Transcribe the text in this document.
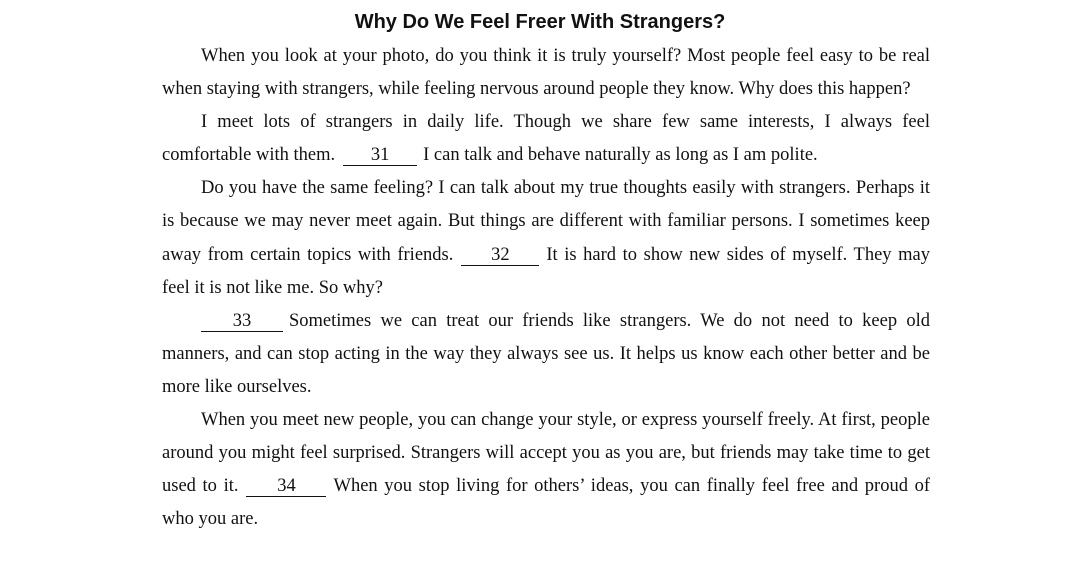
Why Do We Feel Freer With Strangers?

When you look at your photo, do you think it is truly yourself? Most people feel easy to be real when staying with strangers, while feeling nervous around people they know. Why does this happen?

I meet lots of strangers in daily life. Though we share few same interests, I always feel comfortable with them. 31 I can talk and behave naturally as long as I am polite.

Do you have the same feeling? I can talk about my true thoughts easily with strangers. Perhaps it is because we may never meet again. But things are different with familiar persons. I sometimes keep away from certain topics with friends. 32 It is hard to show new sides of myself. They may feel it is not like me. So why?

33 Sometimes we can treat our friends like strangers. We do not need to keep old manners, and can stop acting in the way they always see us. It helps us know each other better and be more like ourselves.

When you meet new people, you can change your style, or express yourself freely. At first, people around you might feel surprised. Strangers will accept you as you are, but friends may take time to get used to it. 34 When you stop living for others’ ideas, you can finally feel free and proud of who you are.
